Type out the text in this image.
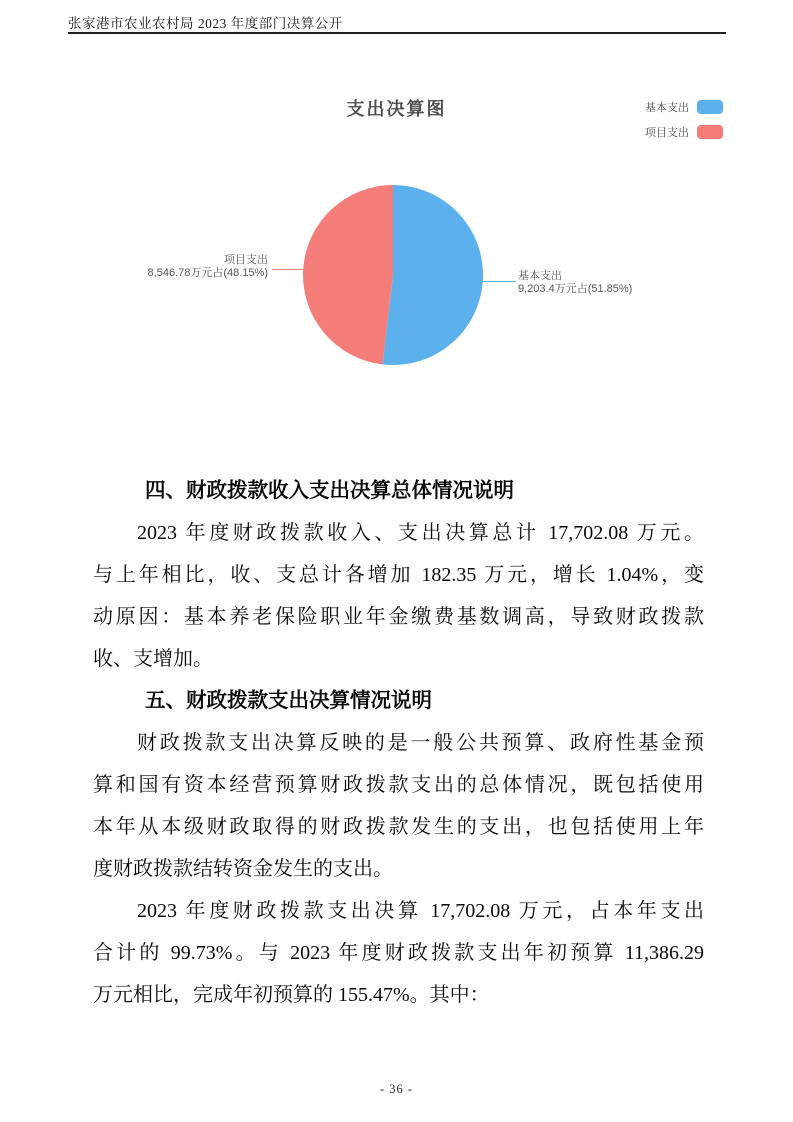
张家港市农业农村局 2023 年度部门决算公开
支出决算图	基本支出
项目支出
项目支出
8,546.78万元占(48.15%)	基本支出
9,203.4万元占(51.85%)
四、财政拨款收入支出决算总体情况说明
2023 年度财政拨款收入、支出决算总计 17,702.08 万元。
与上年相比，收、支总计各增加 182.35 万元，增长 1.04%，变
动原因：基本养老保险职业年金缴费基数调高，导致财政拨款
收、支增加。
五、财政拨款支出决算情况说明
财政拨款支出决算反映的是一般公共预算、政府性基金预
算和国有资本经营预算财政拨款支出的总体情况，既包括使用
本年从本级财政取得的财政拨款发生的支出，也包括使用上年
度财政拨款结转资金发生的支出。
2023 年度财政拨款支出决算 17,702.08 万元，占本年支出
合计的 99.73%。与 2023 年度财政拨款支出年初预算 11,386.29
万元相比，完成年初预算的 155.47%。其中：
- 36 -
